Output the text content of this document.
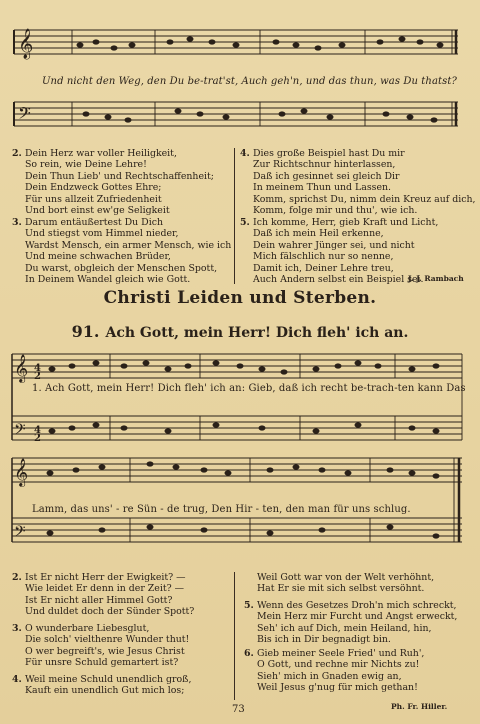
𝄞
Und nicht den Weg, den Du be-trat'st, Auch geh'n, und das thun, was Du thatst?
𝄢
2. Dein Herz war voller Heiligkeit,
So rein, wie Deine Lehre!
Dein Thun Lieb' und Rechtschaffenheit;
Dein Endzweck Gottes Ehre;
Für uns allzeit Zufriedenheit
Und bort einst ew'ge Seligkeit
3. Darum entäußertest Du Dich
Und stiegst vom Himmel nieder,
Wardst Mensch, ein armer Mensch, wie ich
Und meine schwachen Brüder,
Du warst, obgleich der Menschen Spott,
In Deinem Wandel gleich wie Gott.
4. Dies große Beispiel hast Du mir
Zur Richtschnur hinterlassen,
Daß ich gesinnet sei gleich Dir
In meinem Thun und Lassen.
Komm, sprichst Du, nimm dein Kreuz auf dich,
Komm, folge mir und thu', wie ich.
5. Ich komme, Herr, gieb Kraft und Licht,
Daß ich mein Heil erkenne,
Dein wahrer Jünger sei, und nicht
Mich fälschlich nur so nenne,
Damit ich, Deiner Lehre treu,
Auch Andern selbst ein Beispiel sei.
J. J. Rambach
Christi Leiden und Sterben.
91. Ach Gott, mein Herr! Dich fleh' ich an.
𝄞 4
2
𝄢 4
2
1. Ach Gott, mein Herr! Dich fleh' ich an: Gieb, daß ich recht be-trach-ten kann Das
𝄞
𝄢
Lamm, das uns' - re Sün - de trug, Den Hir - ten, den man für uns schlug.
2. Ist Er nicht Herr der Ewigkeit? —
Wie leidet Er denn in der Zeit? —
Ist Er nicht aller Himmel Gott?
Und duldet doch der Sünder Spott?
3. O wunderbare Liebesglut,
Die solch' vielthenre Wunder thut!
O wer begreift's, wie Jesus Christ
Für unsre Schuld gemartert ist?
4. Weil meine Schuld unendlich groß,
Kauft ein unendlich Gut mich los;
Weil Gott war von der Welt verhöhnt,
Hat Er sie mit sich selbst versöhnt.
5. Wenn des Gesetzes Droh'n mich schreckt,
Mein Herz mir Furcht und Angst erweckt,
Seh' ich auf Dich, mein Heiland, hin,
Bis ich in Dir begnadigt bin.
6. Gieb meiner Seele Fried' und Ruh',
O Gott, und rechne mir Nichts zu!
Sieh' mich in Gnaden ewig an,
Weil Jesus g'nug für mich gethan!
73	Ph. Fr. Hiller.
